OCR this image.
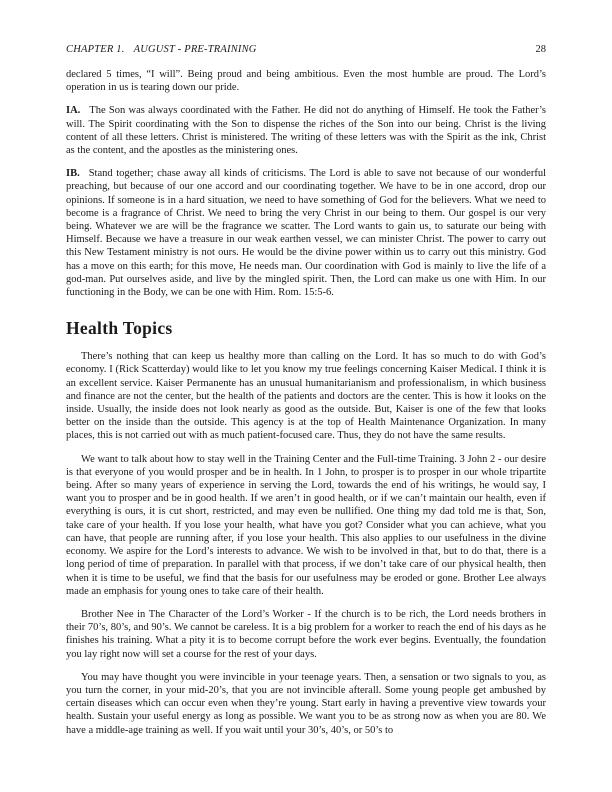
CHAPTER 1. AUGUST - PRE-TRAINING	28

declared 5 times, “I will”. Being proud and being ambitious. Even the most humble are proud. The Lord’s operation in us is tearing down our pride.

IA. The Son was always coordinated with the Father. He did not do anything of Himself. He took the Father’s will. The Spirit coordinating with the Son to dispense the riches of the Son into our being. Christ is the living content of all these letters. Christ is ministered. The writing of these letters was with the Spirit as the ink, Christ as the content, and the apostles as the ministering ones.

IB. Stand together; chase away all kinds of criticisms. The Lord is able to save not because of our wonderful preaching, but because of our one accord and our coordinating together. We have to be in one accord, drop our opinions. If someone is in a hard situation, we need to have something of God for the believers. What we need to become is a fragrance of Christ. We need to bring the very Christ in our being to them. Our gospel is our very being. Whatever we are will be the fragrance we scatter. The Lord wants to gain us, to saturate our being with Himself. Because we have a treasure in our weak earthen vessel, we can minister Christ. The power to carry out this New Testament ministry is not ours. He would be the divine power within us to carry out this ministry. God has a move on this earth; for this move, He needs man. Our coordination with God is mainly to live the life of a god-man. Put ourselves aside, and live by the mingled spirit. Then, the Lord can make us one with Him. In our functioning in the Body, we can be one with Him. Rom. 15:5-6.

Health Topics

There’s nothing that can keep us healthy more than calling on the Lord. It has so much to do with God’s economy. I (Rick Scatterday) would like to let you know my true feelings concerning Kaiser Medical. I think it is an excellent service. Kaiser Permanente has an unusual humanitarianism and professionalism, in which business and finance are not the center, but the health of the patients and doctors are the center. This is how it looks on the inside. Usually, the inside does not look nearly as good as the outside. But, Kaiser is one of the few that looks better on the inside than the outside. This agency is at the top of Health Maintenance Organization. In many places, this is not carried out with as much patient-focused care. Thus, they do not have the same results.

We want to talk about how to stay well in the Training Center and the Full-time Training. 3 John 2 - our desire is that everyone of you would prosper and be in health. In 1 John, to prosper is to prosper in our whole tripartite being. After so many years of experience in serving the Lord, towards the end of his writings, he would say, I want you to prosper and be in good health. If we aren’t in good health, or if we can’t maintain our health, even if everything is ours, it is cut short, restricted, and may even be nullified. One thing my dad told me is that, Son, take care of your health. If you lose your health, what have you got? Consider what you can achieve, what you can have, that people are running after, if you lose your health. This also applies to our usefulness in the divine economy. We aspire for the Lord’s interests to advance. We wish to be involved in that, but to do that, there is a long period of time of preparation. In parallel with that process, if we don’t take care of our physical health, then when it is time to be useful, we find that the basis for our usefulness may be eroded or gone. Brother Lee always made an emphasis for young ones to take care of their health.

Brother Nee in The Character of the Lord’s Worker - If the church is to be rich, the Lord needs brothers in their 70’s, 80’s, and 90’s. We cannot be careless. It is a big problem for a worker to reach the end of his days as he finishes his training. What a pity it is to become corrupt before the work ever begins. Eventually, the foundation you lay right now will set a course for the rest of your days.

You may have thought you were invincible in your teenage years. Then, a sensation or two signals to you, as you turn the corner, in your mid-20’s, that you are not invincible afterall. Some young people get ambushed by certain diseases which can occur even when they’re young. Start early in having a preventive view towards your health. Sustain your useful energy as long as possible. We want you to be as strong now as when you are 80. We have a middle-age training as well. If you wait until your 30’s, 40’s, or 50’s to
